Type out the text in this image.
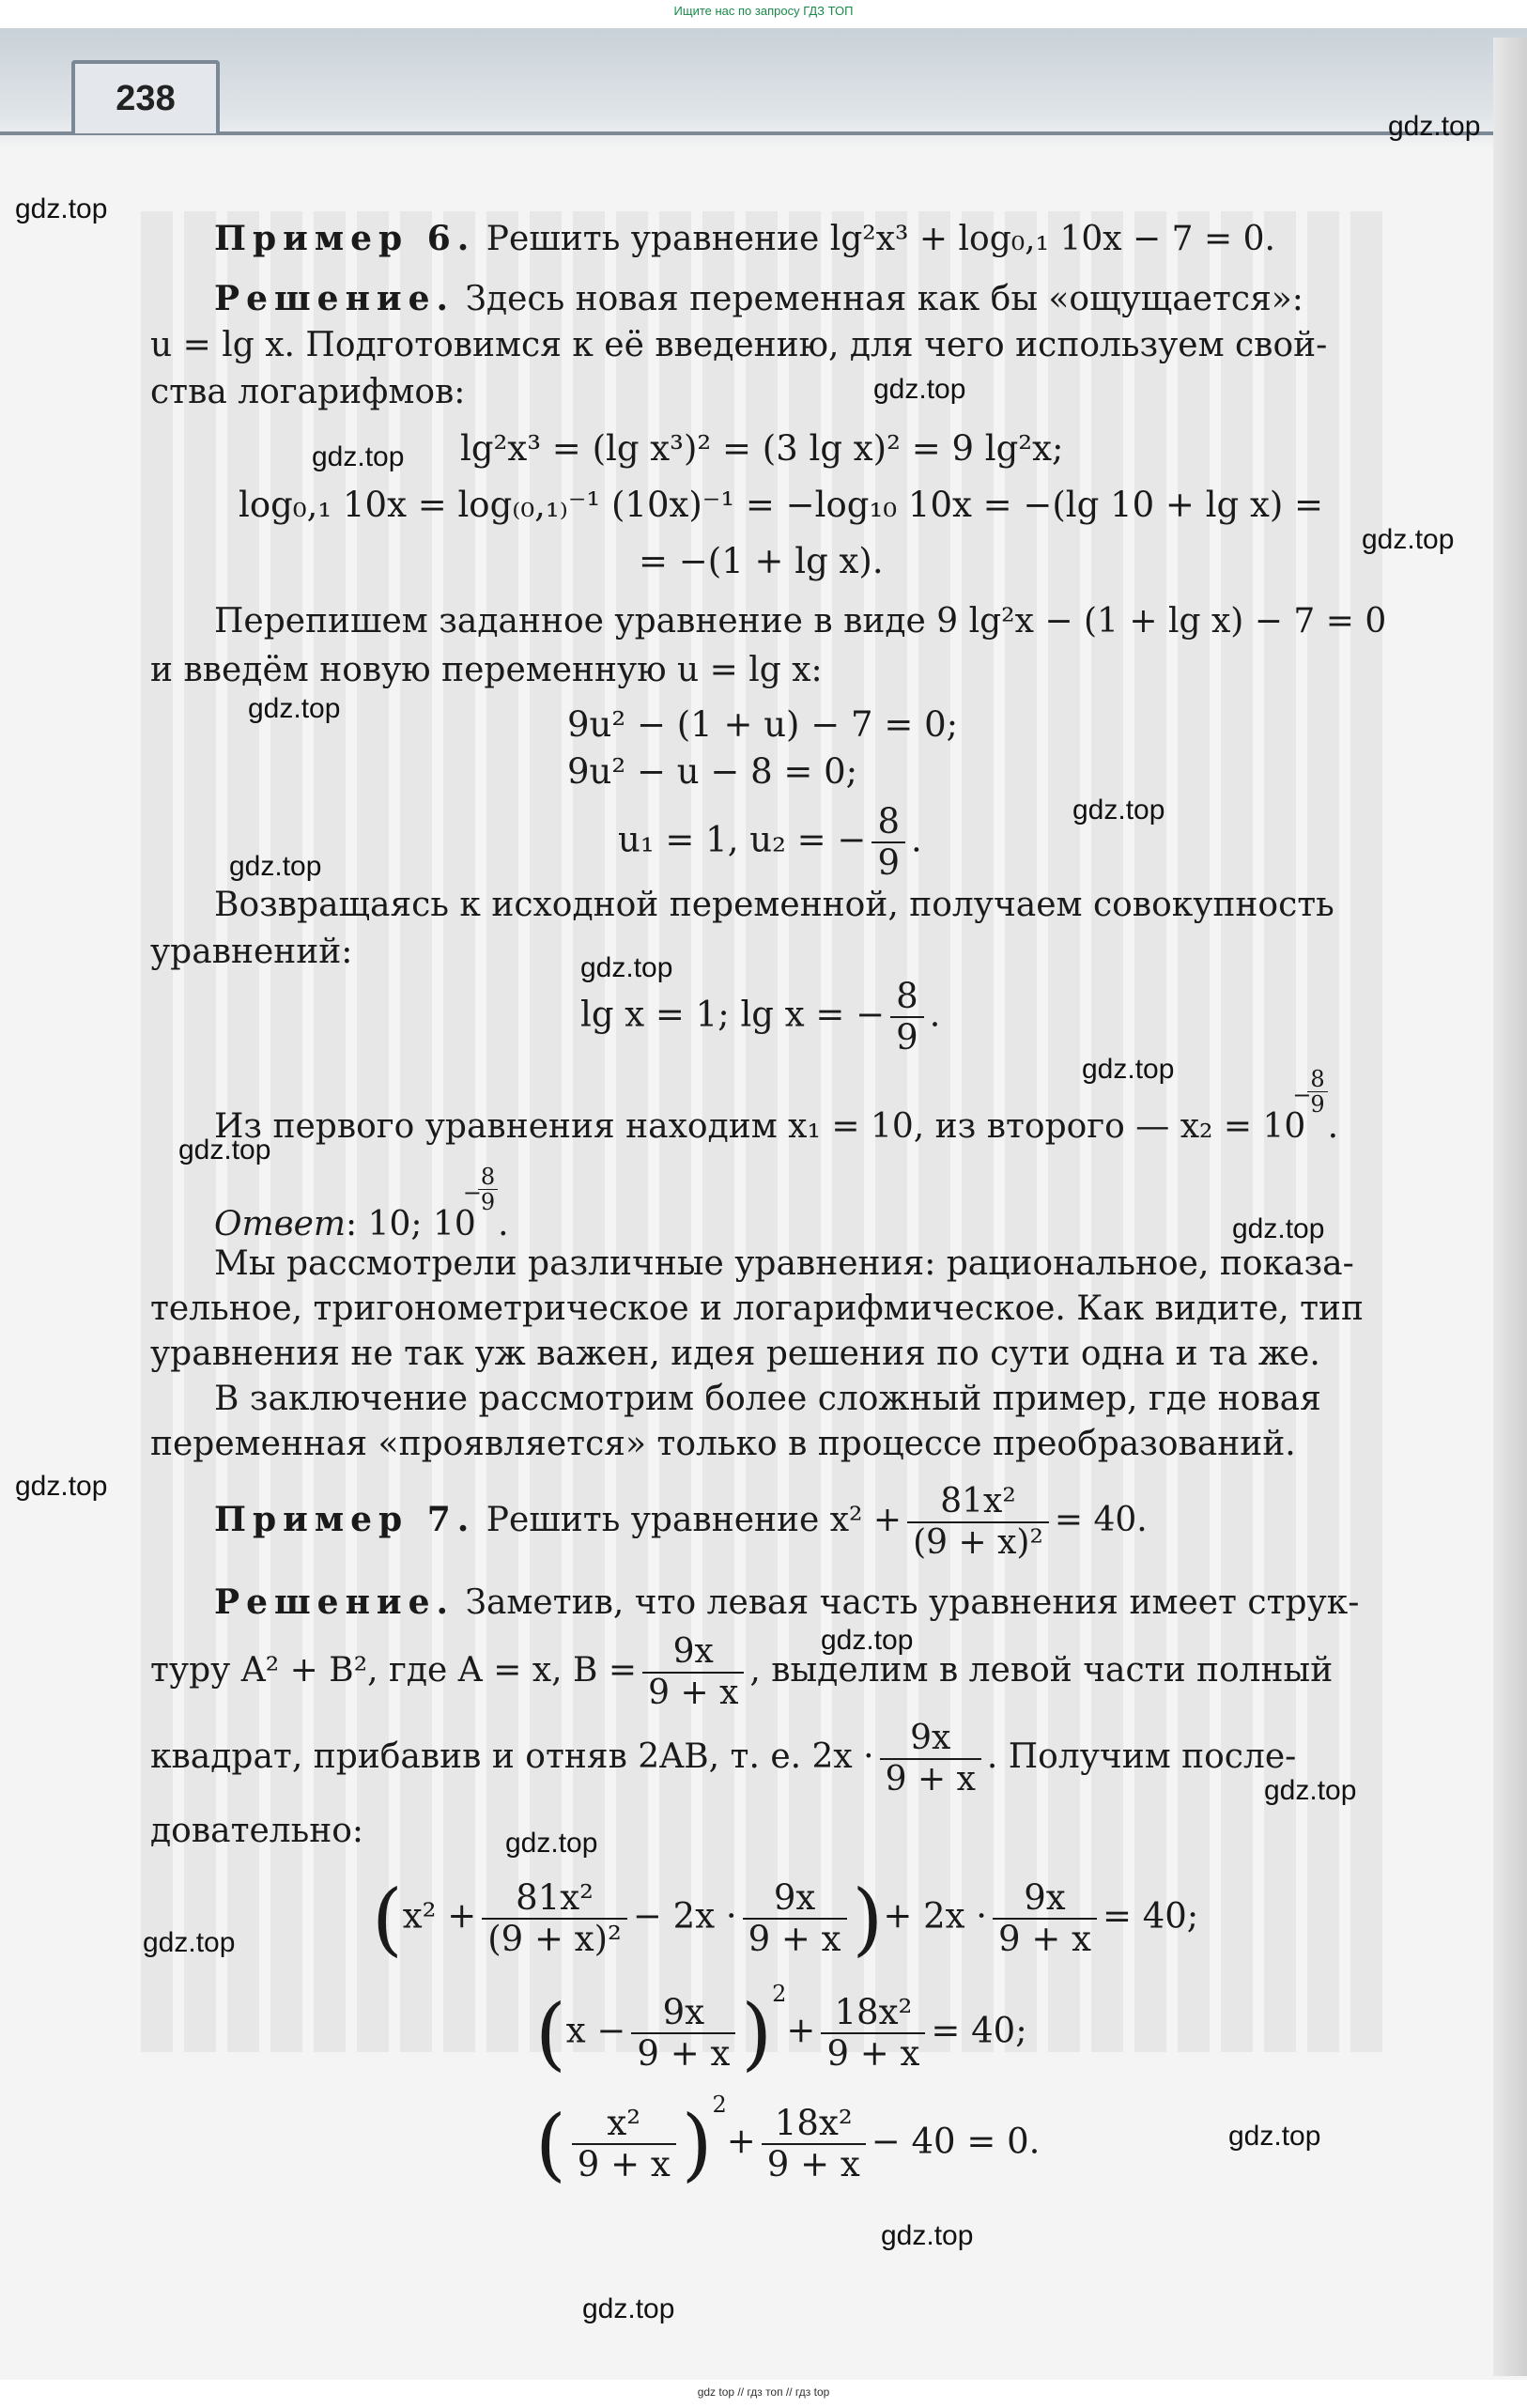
Ищите нас по запросу ГДЗ ТОП
238
Пример 6. Решить уравнение lg²x³ + log₀,₁ 10x − 7 = 0.
Решение. Здесь новая переменная как бы «ощущается»:
u = lg x. Подготовимся к её введению, для чего используем свой-
ства логарифмов:
lg²x³ = (lg x³)² = (3 lg x)² = 9 lg²x;
log₀,₁ 10x = log₍₀,₁₎⁻¹ (10x)⁻¹ = −log₁₀ 10x = −(lg 10 + lg x) =
= −(1 + lg x).
Перепишем заданное уравнение в виде 9 lg²x − (1 + lg x) − 7 = 0
и введём новую переменную u = lg x:
9u² − (1 + u) − 7 = 0;
9u² − u − 8 = 0;
u₁ = 1, u₂ = − $\frac{8}{9}$ .
Возвращаясь к исходной переменной, получаем совокупность
уравнений:
lg x = 1; lg x = − $\frac{8}{9}$ .
Из первого уравнения находим x₁ = 10, из второго — x₂ = 10
−
8
9
.
Ответ: 10; 10
−
8
9
.
Мы рассмотрели различные уравнения: рациональное, показа-
тельное, тригонометрическое и логарифмическое. Как видите, тип
уравнения не так уж важен, идея решения по сути одна и та же.
В заключение рассмотрим более сложный пример, где новая
переменная «проявляется» только в процессе преобразований.
Пример 7. Решить уравнение $x^2 + \frac{\text{81x²}}{\text{(9 + x)²}} = 40$.
Решение. Заметив, что левая часть уравнения имеет струк-
туру A² + B², где A = x, $B = \frac{9x}{9 + x}$ , выделим в левой части полный
квадрат, прибавив и отняв 2AB, т. е. $2x \cdot \frac{9x}{9 + x}$ . Получим после-
довательно:
($x^2 + \frac{\text{81x²}}{\text{(9 + x)²}} - 2x \cdot \frac{9x}{9 + x}$ )+ $2x \cdot \frac{9x}{9 + x} = 40$;
$(x - \frac{9x}{9 + x} )^2+ \frac{\text{18x²}}{9 + x} = 40$;
( $\frac{\text{x²}}{9 + x} )^2+ \frac{\text{18x²}}{9 + x} - 40 = 0$.
gdz.top
gdz.top
gdz.top
gdz.top
gdz.top
gdz.top
gdz.top
gdz.top
gdz.top
gdz.top
gdz.top
gdz.top
gdz.top
gdz.top
gdz.top
gdz.top
gdz.top
gdz.top
gdz.top
gdz.top
gdz top // гдз топ // гдз top
